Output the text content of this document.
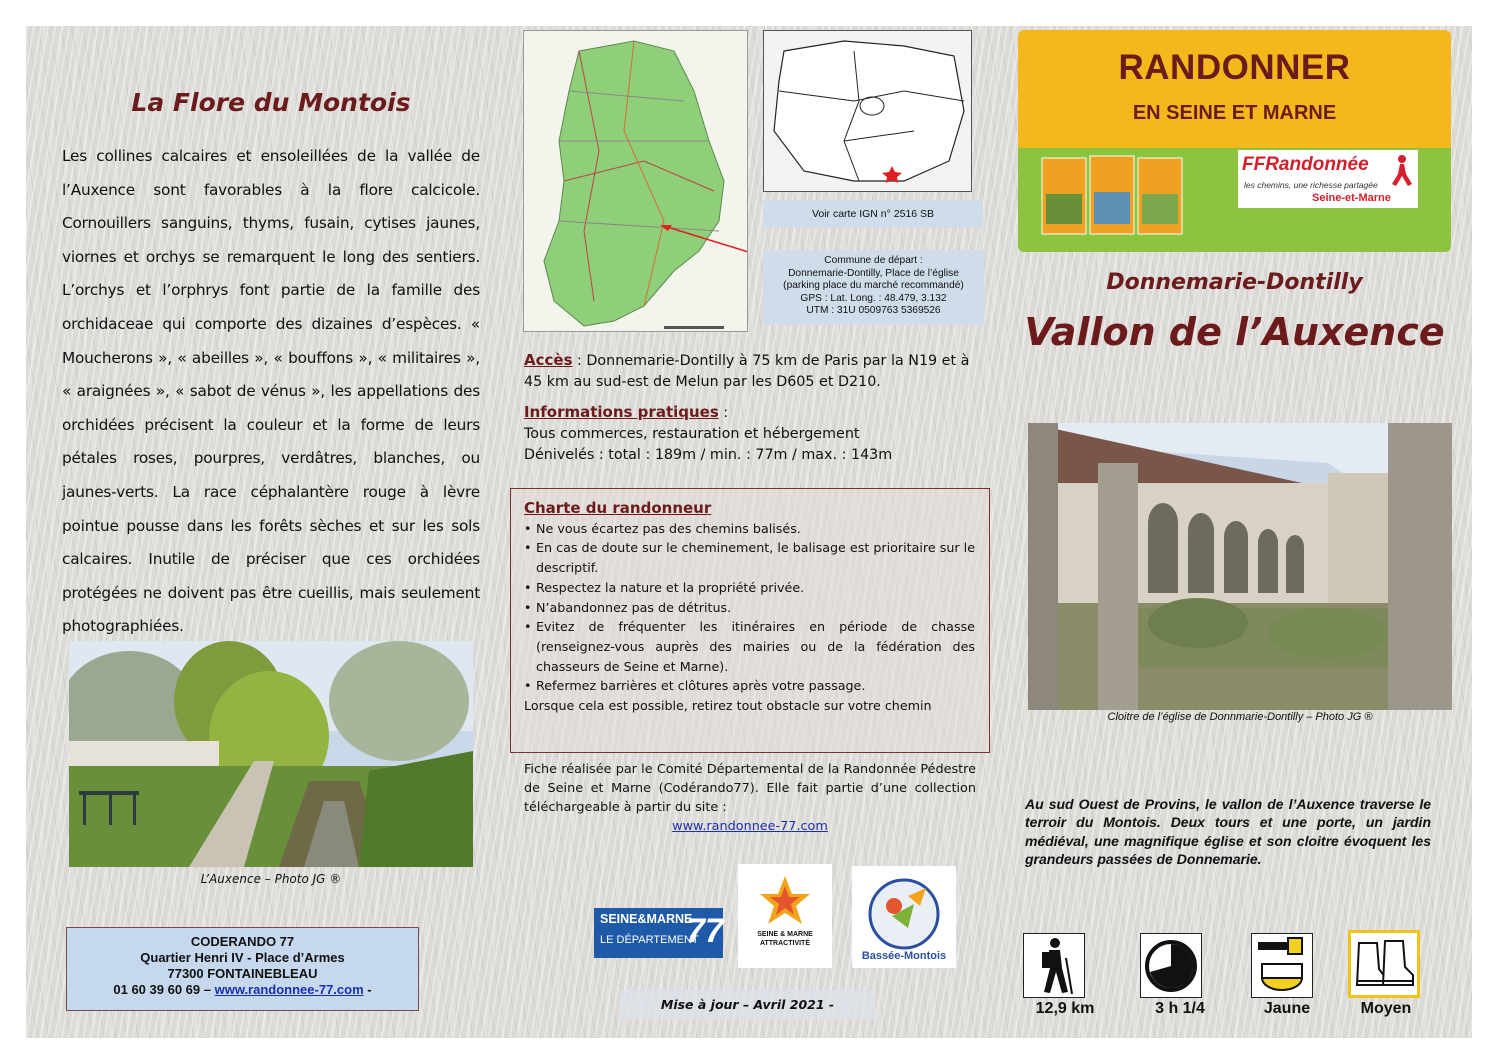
La Flore du Montois
Les collines calcaires et ensoleillées de la vallée de l’Auxence sont favorables à la flore calcicole. Cornouillers sanguins, thyms, fusain, cytises jaunes, viornes et orchys se remarquent le long des sentiers. L’orchys et l’orphrys font partie de la famille des orchidaceae qui comporte des dizaines d’espèces. « Moucherons », « abeilles », « bouffons », « militaires », « araignées », « sabot de vénus », les appellations des orchidées précisent la couleur et la forme de leurs pétales roses, pourpres, verdâtres, blanches, ou jaunes-verts. La race céphalantère rouge à lèvre pointue pousse dans les forêts sèches et sur les sols calcaires. Inutile de préciser que ces orchidées protégées ne doivent pas être cueillis, mais seulement photographiées.
L’Auxence – Photo JG ®
CODERANDO 77
Quartier Henri IV - Place d’Armes
77300 FONTAINEBLEAU
01 60 39 60 69 – www.randonnee-77.com -
Voir carte IGN n° 2516 SB
Commune de départ :
Donnemarie-Dontilly, Place de l’église
(parking place du marché recommandé)
GPS : Lat. Long. : 48.479, 3.132
UTM : 31U 0509763 5369526
Accès : Donnemarie-Dontilly à 75 km de Paris par la N19 et à 45 km au sud-est de Melun par les D605 et D210.
Informations pratiques :
Tous commerces, restauration et hébergement
Dénivelés : total : 189m / min. : 77m / max. : 143m
Charte du randonneur
• Ne vous écartez pas des chemins balisés.
• En cas de doute sur le cheminement, le balisage est prioritaire sur le descriptif.
• Respectez la nature et la propriété privée.
• N’abandonnez pas de détritus.
• Evitez de fréquenter les itinéraires en période de chasse (renseignez-vous auprès des mairies ou de la fédération des chasseurs de Seine et Marne).
• Refermez barrières et clôtures après votre passage.
Lorsque cela est possible, retirez tout obstacle sur votre chemin
Fiche réalisée par le Comité Départemental de la Randonnée Pédestre de Seine et Marne (Codérando77). Elle fait partie d’une collection téléchargeable à partir du site :
www.randonnee-77.com
SEINE&MARNE
LE DÉPARTEMENT
77	SEINE & MARNE
ATTRACTIVITÉ
Bassée-Montois
Mise à jour – Avril 2021 -
RANDONNER
EN SEINE ET MARNE
FFRandonnée
les chemins, une richesse partagée
Seine-et-Marne
Donnemarie-Dontilly
Vallon de l’Auxence
Cloitre de l’église de Donnmarie-Dontilly – Photo JG ®
Au sud Ouest de Provins, le vallon de l’Auxence traverse le terroir du Montois. Deux tours et une porte, un jardin médiéval, une magnifique église et son cloitre évoquent les grandeurs passées de Donnemarie.
12,9 km	3 h 1/4	Jaune	Moyen
